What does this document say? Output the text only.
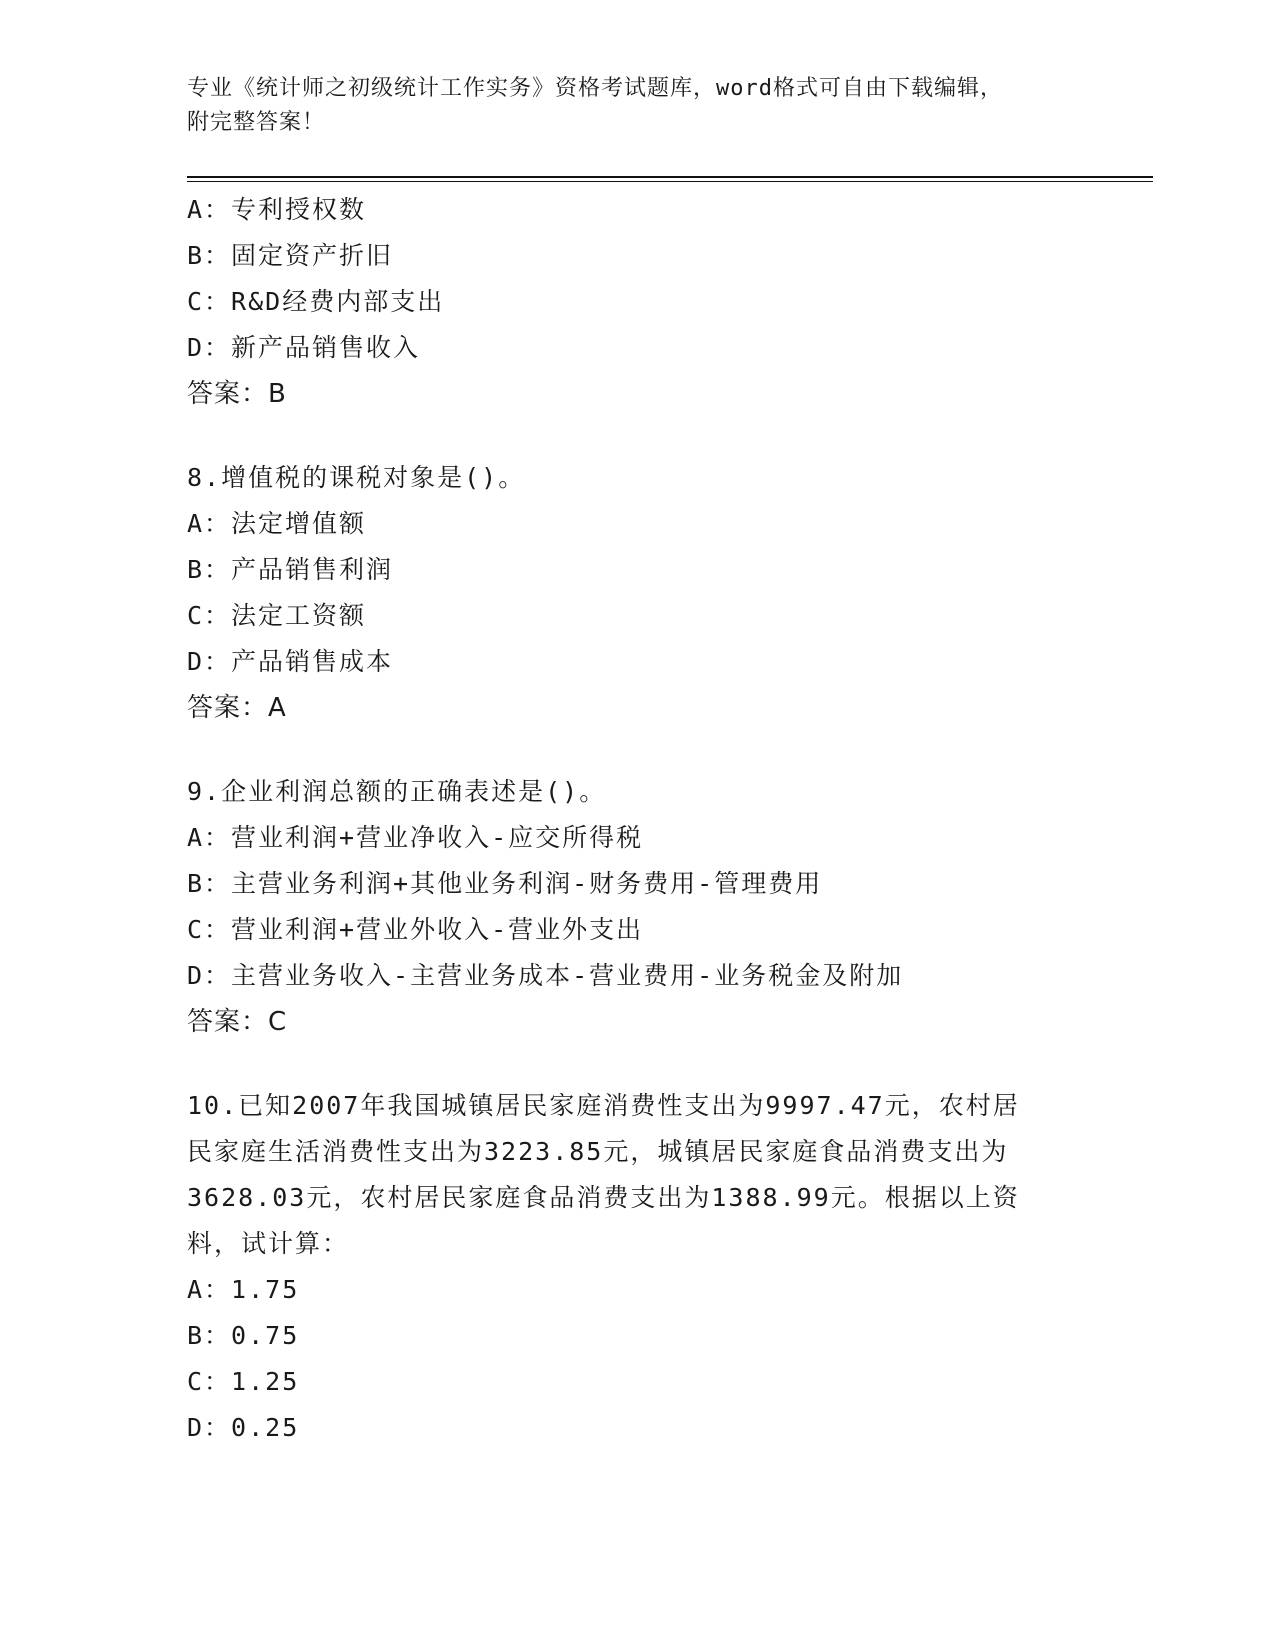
专业《统计师之初级统计工作实务》资格考试题库，word格式可自由下载编辑，
附完整答案！
A：专利授权数
B：固定资产折旧
C：R&D经费内部支出
D：新产品销售收入
答案：B
8.增值税的课税对象是()。
A：法定增值额
B：产品销售利润
C：法定工资额
D：产品销售成本
答案：A
9.企业利润总额的正确表述是()。
A：营业利润+营业净收入-应交所得税
B：主营业务利润+其他业务利润-财务费用-管理费用
C：营业利润+营业外收入-营业外支出
D：主营业务收入-主营业务成本-营业费用-业务税金及附加
答案：C
10.已知2007年我国城镇居民家庭消费性支出为9997.47元，农村居
民家庭生活消费性支出为3223.85元，城镇居民家庭食品消费支出为
3628.03元，农村居民家庭食品消费支出为1388.99元。根据以上资
料，试计算：
A：1.75
B：0.75
C：1.25
D：0.25
